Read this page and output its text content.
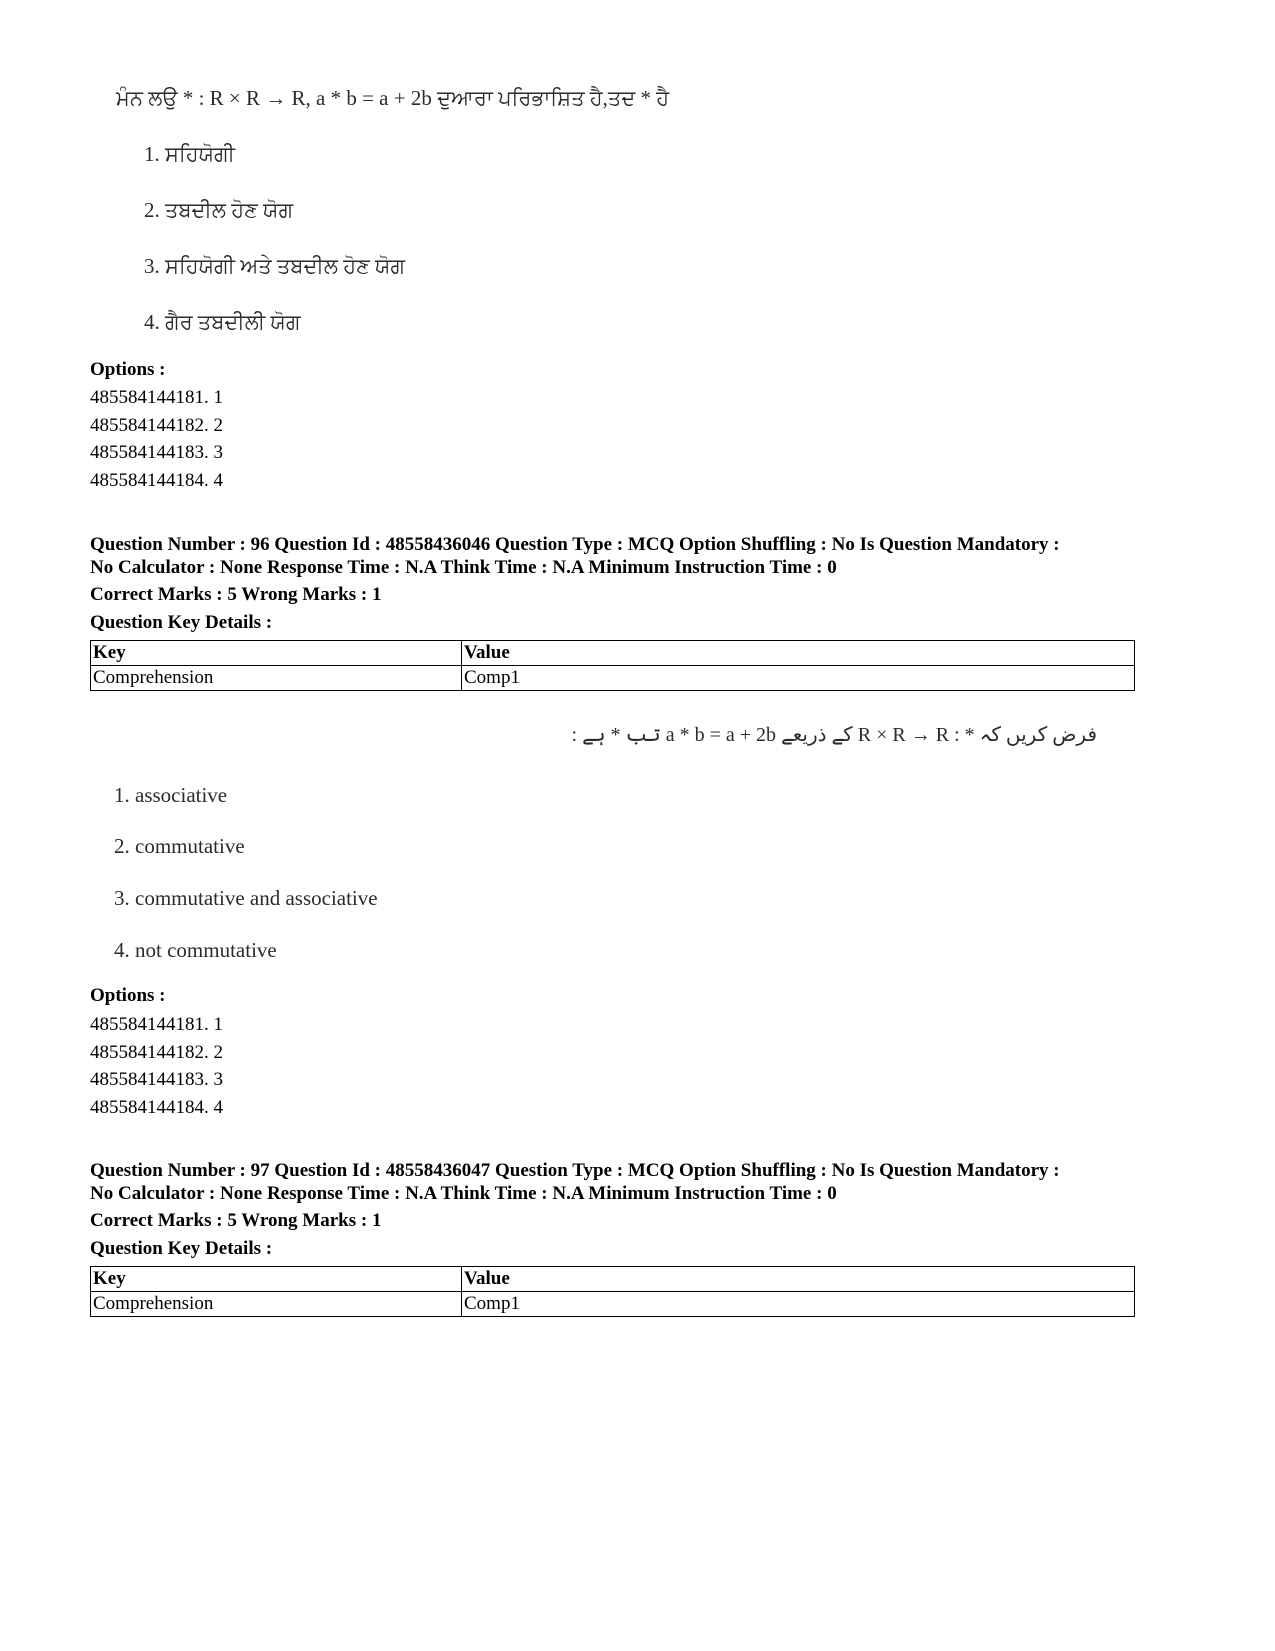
ਮੰਨ ਲਉ * : R × R → R, a * b = a + 2b ਦੁਆਰਾ ਪਰਿਭਾਸ਼ਿਤ ਹੈ,ਤਦ * ਹੈ
1. ਸਹਿਯੋਗੀ
2. ਤਬਦੀਲ ਹੋਣ ਯੋਗ
3. ਸਹਿਯੋਗੀ ਅਤੇ ਤਬਦੀਲ ਹੋਣ ਯੋਗ
4. ਗੈਰ ਤਬਦੀਲੀ ਯੋਗ
Options :
485584144181. 1
485584144182. 2
485584144183. 3
485584144184. 4
Question Number : 96 Question Id : 48558436046 Question Type : MCQ Option Shuffling : No Is Question Mandatory :
No Calculator : None Response Time : N.A Think Time : N.A Minimum Instruction Time : 0
Correct Marks : 5 Wrong Marks : 1
Question Key Details :
Key	Value
Comprehension	Comp1
فرض کریں کہ * : R × R → R کے ذریعے a * b = a + 2b تب * ہے :
1. associative
2. commutative
3. commutative and associative
4. not commutative
Options :
485584144181. 1
485584144182. 2
485584144183. 3
485584144184. 4
Question Number : 97 Question Id : 48558436047 Question Type : MCQ Option Shuffling : No Is Question Mandatory :
No Calculator : None Response Time : N.A Think Time : N.A Minimum Instruction Time : 0
Correct Marks : 5 Wrong Marks : 1
Question Key Details :
Key	Value
Comprehension	Comp1
